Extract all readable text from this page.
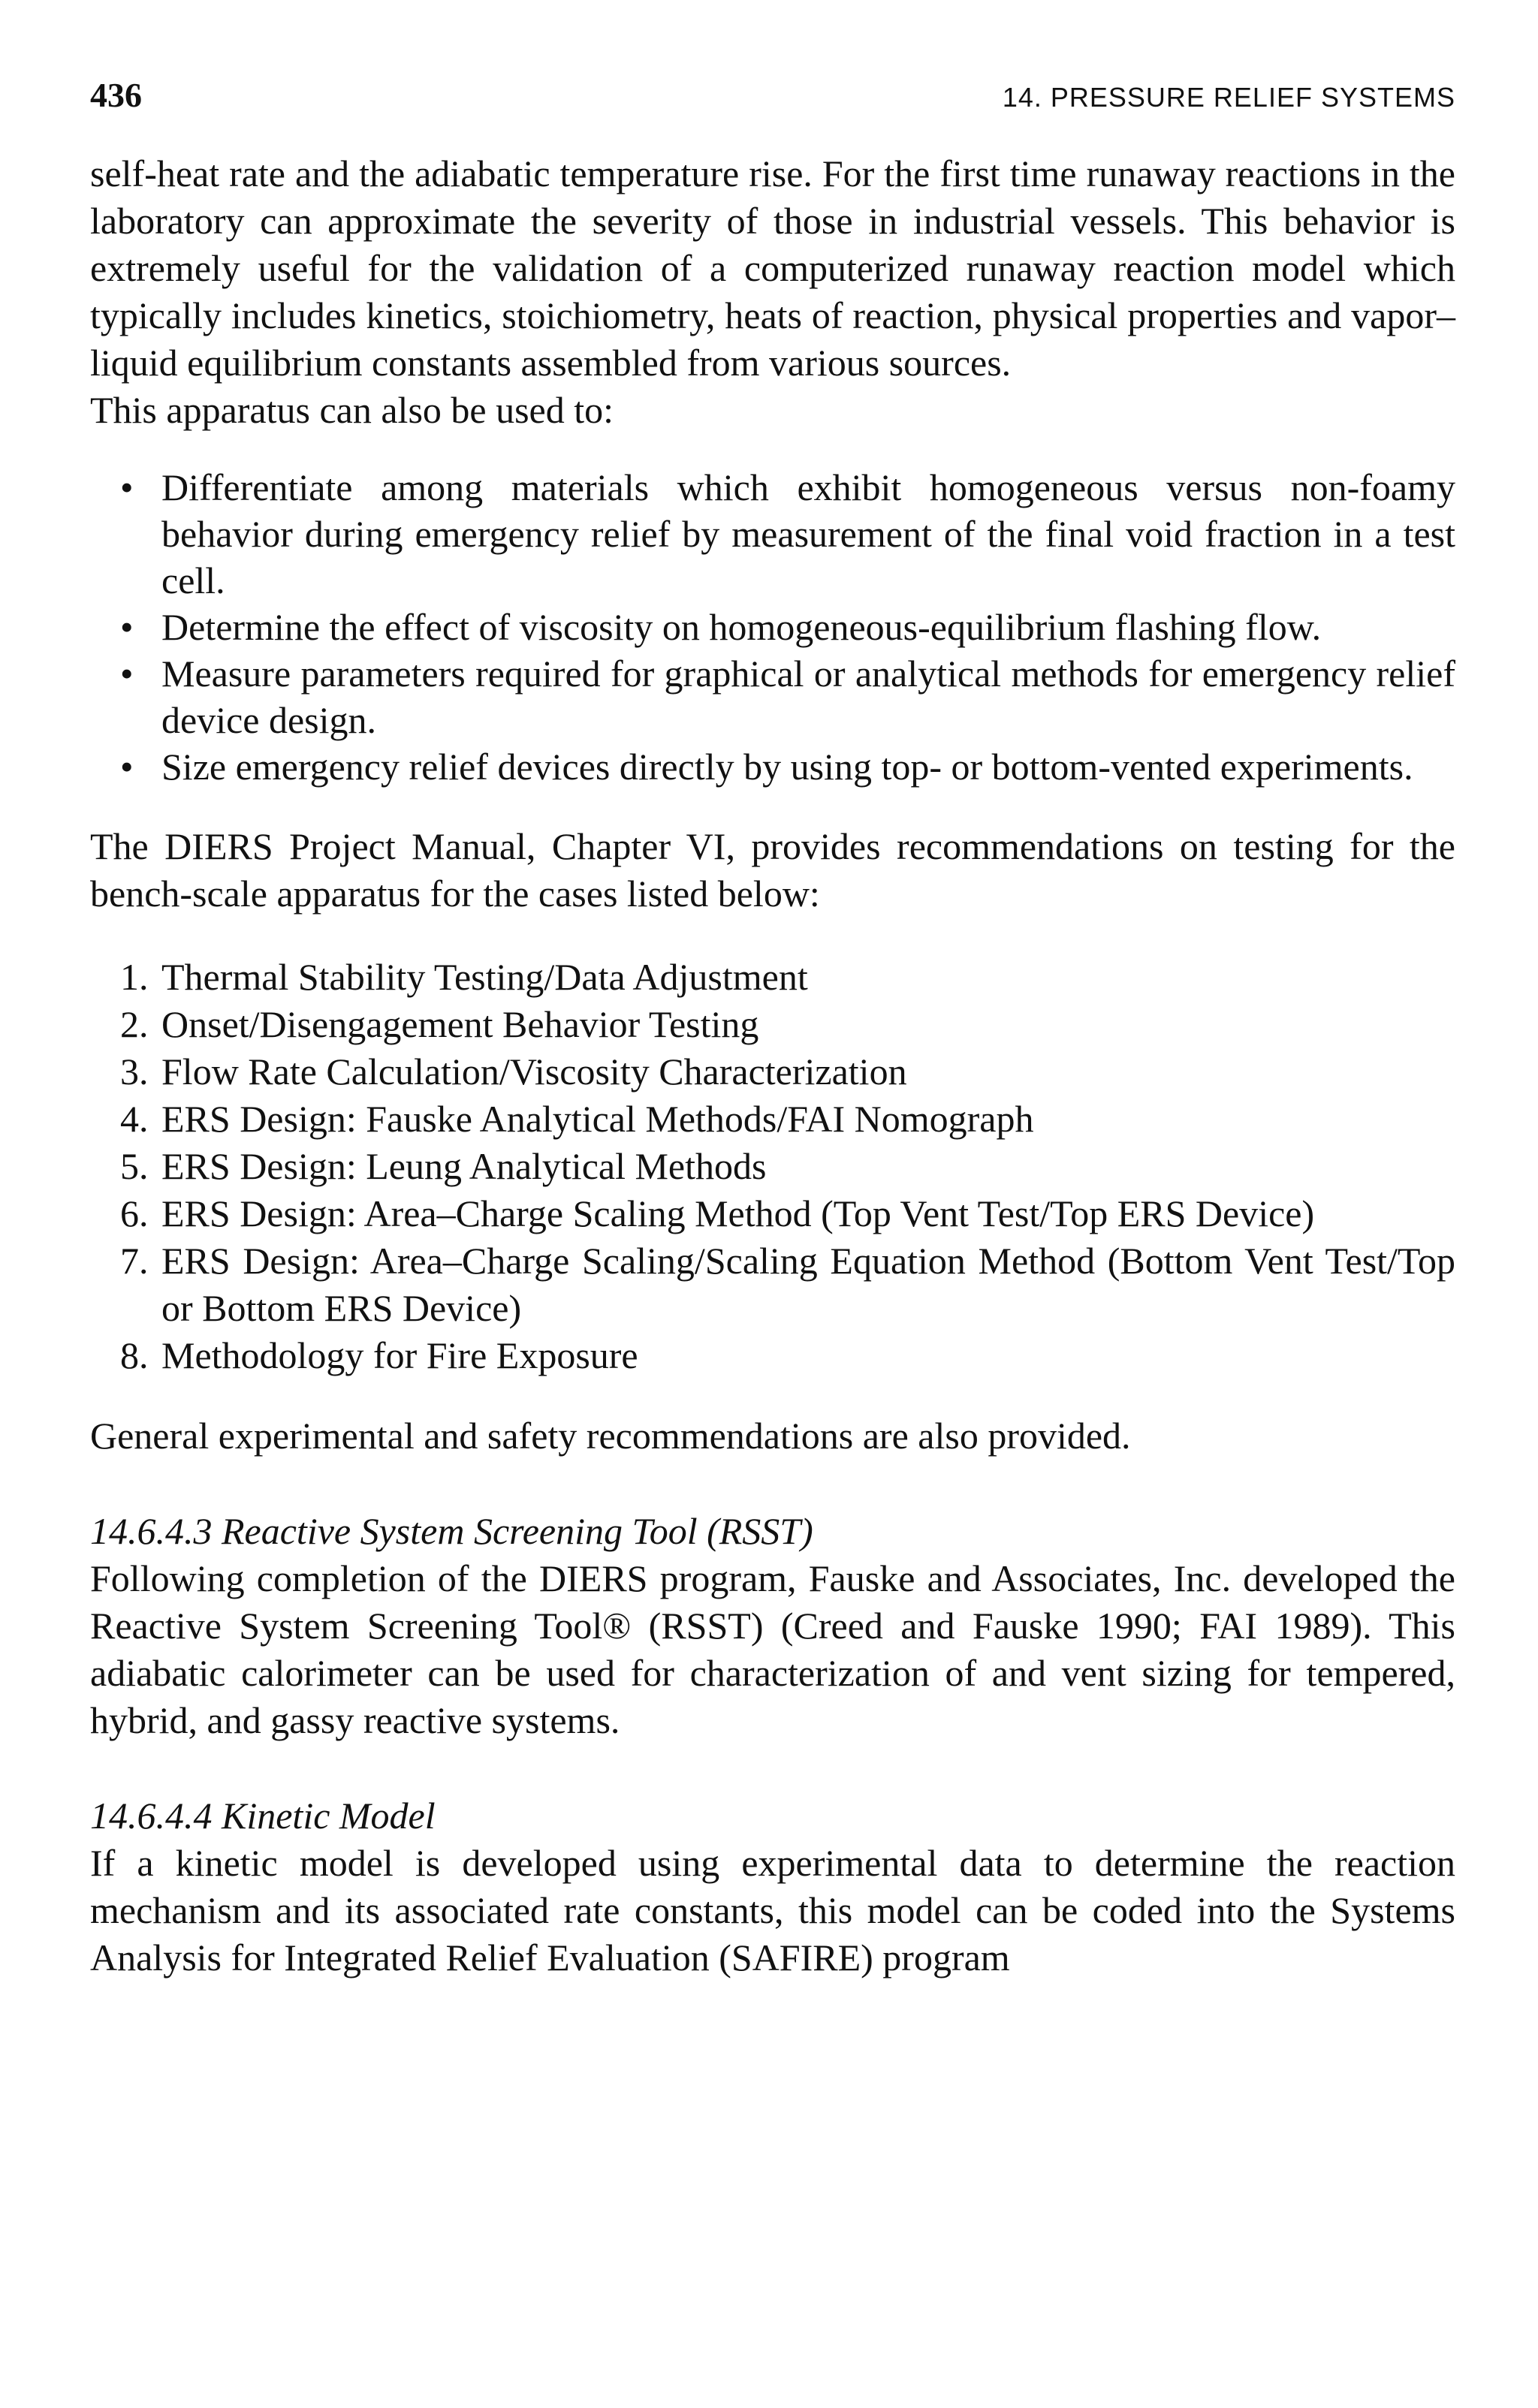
436	14. PRESSURE RELIEF SYSTEMS

self-heat rate and the adiabatic temperature rise. For the first time runaway reactions in the laboratory can approximate the severity of those in industrial vessels. This behavior is extremely useful for the validation of a computerized runaway reaction model which typically includes kinetics, stoichiometry, heats of reaction, physical properties and vapor–liquid equilibrium constants assembled from various sources.

This apparatus can also be used to:

• Differentiate among materials which exhibit homogeneous versus non-foamy behavior during emergency relief by measurement of the final void fraction in a test cell.
• Determine the effect of viscosity on homogeneous-equilibrium flashing flow.
• Measure parameters required for graphical or analytical methods for emergency relief device design.
• Size emergency relief devices directly by using top- or bottom-vented experiments.

The DIERS Project Manual, Chapter VI, provides recommendations on testing for the bench-scale apparatus for the cases listed below:

1. Thermal Stability Testing/Data Adjustment
2. Onset/Disengagement Behavior Testing
3. Flow Rate Calculation/Viscosity Characterization
4. ERS Design: Fauske Analytical Methods/FAI Nomograph
5. ERS Design: Leung Analytical Methods
6. ERS Design: Area–Charge Scaling Method (Top Vent Test/Top ERS Device)
7. ERS Design: Area–Charge Scaling/Scaling Equation Method (Bottom Vent Test/Top or Bottom ERS Device)
8. Methodology for Fire Exposure

General experimental and safety recommendations are also provided.

14.6.4.3 Reactive System Screening Tool (RSST)

Following completion of the DIERS program, Fauske and Associates, Inc. developed the Reactive System Screening Tool® (RSST) (Creed and Fauske 1990; FAI 1989). This adiabatic calorimeter can be used for characterization of and vent sizing for tempered, hybrid, and gassy reactive systems.

14.6.4.4 Kinetic Model

If a kinetic model is developed using experimental data to determine the reaction mechanism and its associated rate constants, this model can be coded into the Systems Analysis for Integrated Relief Evaluation (SAFIRE) program
